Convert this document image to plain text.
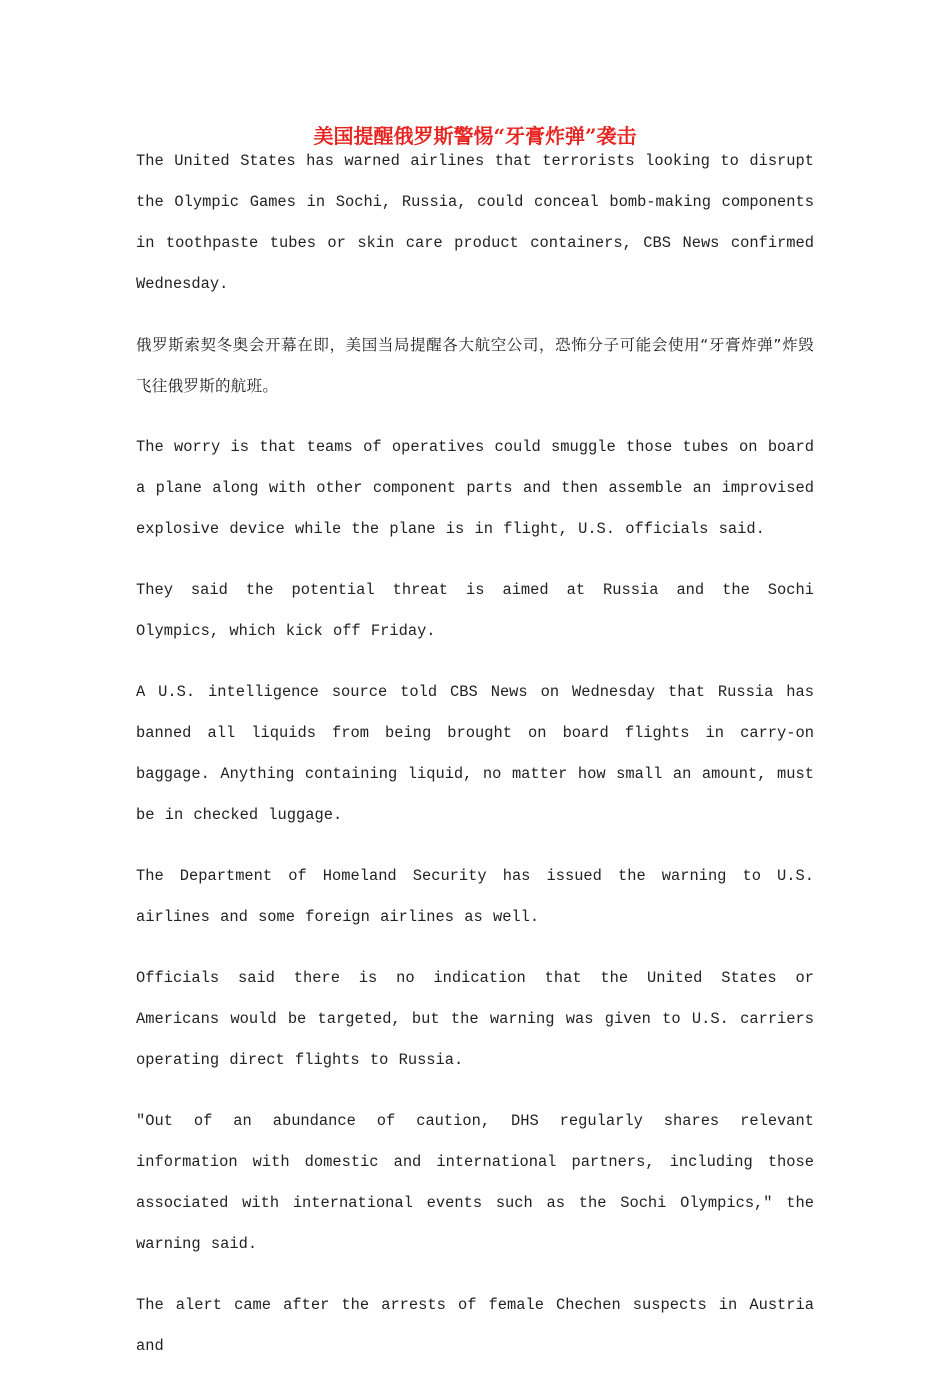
美国提醒俄罗斯警惕“牙膏炸弹”袭击

The United States has warned airlines that terrorists looking to disrupt the Olympic Games in Sochi, Russia, could conceal bomb-making components in toothpaste tubes or skin care product containers, CBS News confirmed Wednesday.

俄罗斯索契冬奥会开幕在即，美国当局提醒各大航空公司，恐怖分子可能会使用“牙膏炸弹”炸毁飞往俄罗斯的航班。

The worry is that teams of operatives could smuggle those tubes on board a plane along with other component parts and then assemble an improvised explosive device while the plane is in flight, U.S. officials said.

They said the potential threat is aimed at Russia and the Sochi Olympics, which kick off Friday.

A U.S. intelligence source told CBS News on Wednesday that Russia has banned all liquids from being brought on board flights in carry-on baggage. Anything containing liquid, no matter how small an amount, must be in checked luggage.

The Department of Homeland Security has issued the warning to U.S. airlines and some foreign airlines as well.

Officials said there is no indication that the United States or Americans would be targeted, but the warning was given to U.S. carriers operating direct flights to Russia.

"Out of an abundance of caution, DHS regularly shares relevant information with domestic and international partners, including those associated with international events such as the Sochi Olympics," the warning said.

The alert came after the arrests of female Chechen suspects in Austria and
